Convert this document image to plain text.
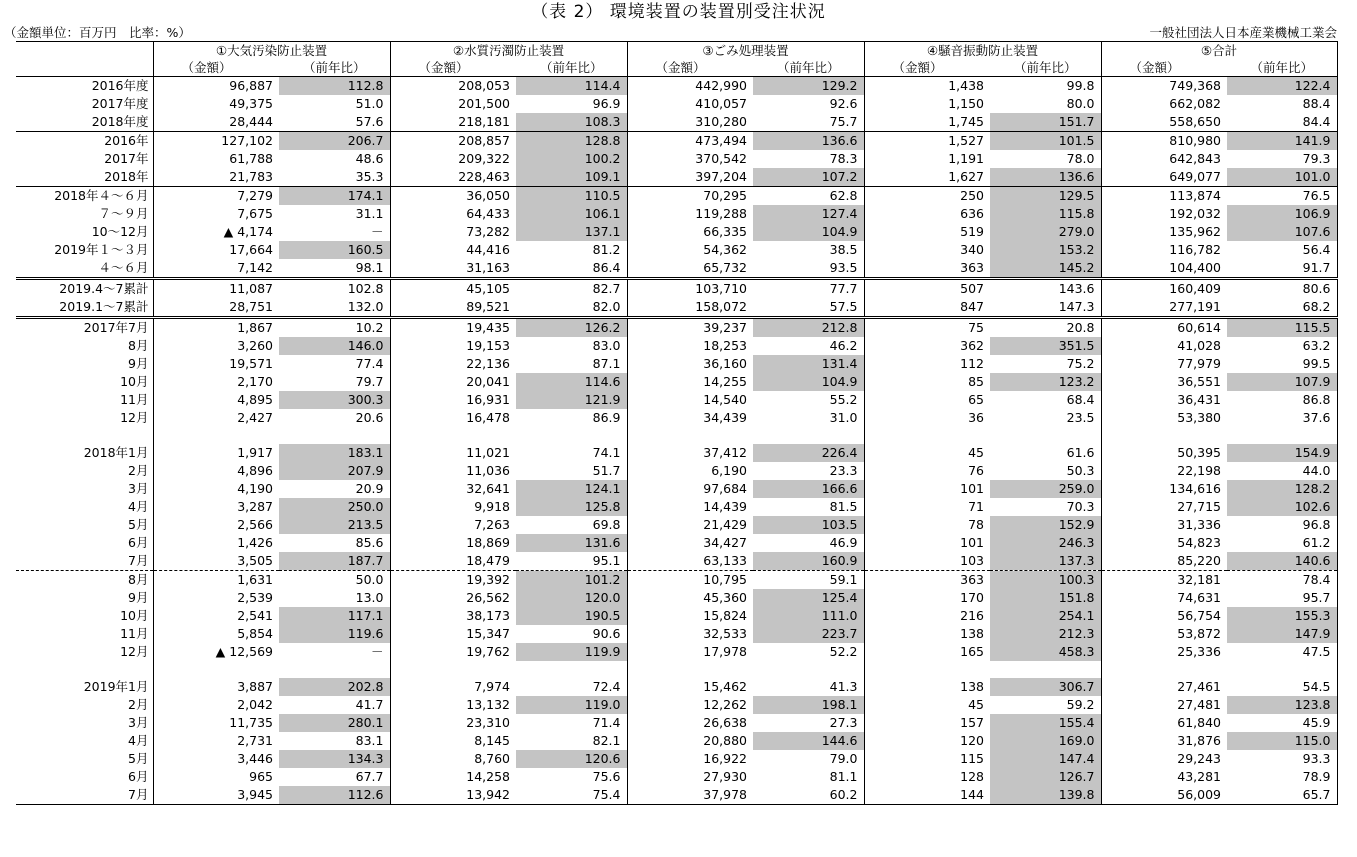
（表 2） 環境装置の装置別受注状況
（金額単位：百万円　比率：%）	一般社団法人日本産業機械工業会
	①大気汚染防止装置		②水質汚濁防止装置		③ごみ処理装置		④騒音振動防止装置		⑤合計	
	（金額）	（前年比）	（金額）	（前年比）	（金額）	（前年比）	（金額）	（前年比）	（金額）	（前年比）
2016年度	96,887	112.8	208,053	114.4	442,990	129.2	1,438	99.8	749,368	122.4
2017年度	49,375	51.0	201,500	96.9	410,057	92.6	1,150	80.0	662,082	88.4
2018年度	28,444	57.6	218,181	108.3	310,280	75.7	1,745	151.7	558,650	84.4
2016年	127,102	206.7	208,857	128.8	473,494	136.6	1,527	101.5	810,980	141.9
2017年	61,788	48.6	209,322	100.2	370,542	78.3	1,191	78.0	642,843	79.3
2018年	21,783	35.3	228,463	109.1	397,204	107.2	1,627	136.6	649,077	101.0
2018年４～６月	7,279	174.1	36,050	110.5	70,295	62.8	250	129.5	113,874	76.5
７～９月	7,675	31.1	64,433	106.1	119,288	127.4	636	115.8	192,032	106.9
10～12月	▲ 4,174	－	73,282	137.1	66,335	104.9	519	279.0	135,962	107.6
2019年１～３月	17,664	160.5	44,416	81.2	54,362	38.5	340	153.2	116,782	56.4
４～６月	7,142	98.1	31,163	86.4	65,732	93.5	363	145.2	104,400	91.7
2019.4～7累計	11,087	102.8	45,105	82.7	103,710	77.7	507	143.6	160,409	80.6
2019.1～7累計	28,751	132.0	89,521	82.0	158,072	57.5	847	147.3	277,191	68.2
2017年7月	1,867	10.2	19,435	126.2	39,237	212.8	75	20.8	60,614	115.5
8月	3,260	146.0	19,153	83.0	18,253	46.2	362	351.5	41,028	63.2
9月	19,571	77.4	22,136	87.1	36,160	131.4	112	75.2	77,979	99.5
10月	2,170	79.7	20,041	114.6	14,255	104.9	85	123.2	36,551	107.9
11月	4,895	300.3	16,931	121.9	14,540	55.2	65	68.4	36,431	86.8
12月	2,427	20.6	16,478	86.9	34,439	31.0	36	23.5	53,380	37.6

2018年1月	1,917	183.1	11,021	74.1	37,412	226.4	45	61.6	50,395	154.9
2月	4,896	207.9	11,036	51.7	6,190	23.3	76	50.3	22,198	44.0
3月	4,190	20.9	32,641	124.1	97,684	166.6	101	259.0	134,616	128.2
4月	3,287	250.0	9,918	125.8	14,439	81.5	71	70.3	27,715	102.6
5月	2,566	213.5	7,263	69.8	21,429	103.5	78	152.9	31,336	96.8
6月	1,426	85.6	18,869	131.6	34,427	46.9	101	246.3	54,823	61.2
7月	3,505	187.7	18,479	95.1	63,133	160.9	103	137.3	85,220	140.6
8月	1,631	50.0	19,392	101.2	10,795	59.1	363	100.3	32,181	78.4
9月	2,539	13.0	26,562	120.0	45,360	125.4	170	151.8	74,631	95.7
10月	2,541	117.1	38,173	190.5	15,824	111.0	216	254.1	56,754	155.3
11月	5,854	119.6	15,347	90.6	32,533	223.7	138	212.3	53,872	147.9
12月	▲ 12,569	－	19,762	119.9	17,978	52.2	165	458.3	25,336	47.5

2019年1月	3,887	202.8	7,974	72.4	15,462	41.3	138	306.7	27,461	54.5
2月	2,042	41.7	13,132	119.0	12,262	198.1	45	59.2	27,481	123.8
3月	11,735	280.1	23,310	71.4	26,638	27.3	157	155.4	61,840	45.9
4月	2,731	83.1	8,145	82.1	20,880	144.6	120	169.0	31,876	115.0
5月	3,446	134.3	8,760	120.6	16,922	79.0	115	147.4	29,243	93.3
6月	965	67.7	14,258	75.6	27,930	81.1	128	126.7	43,281	78.9
7月	3,945	112.6	13,942	75.4	37,978	60.2	144	139.8	56,009	65.7
